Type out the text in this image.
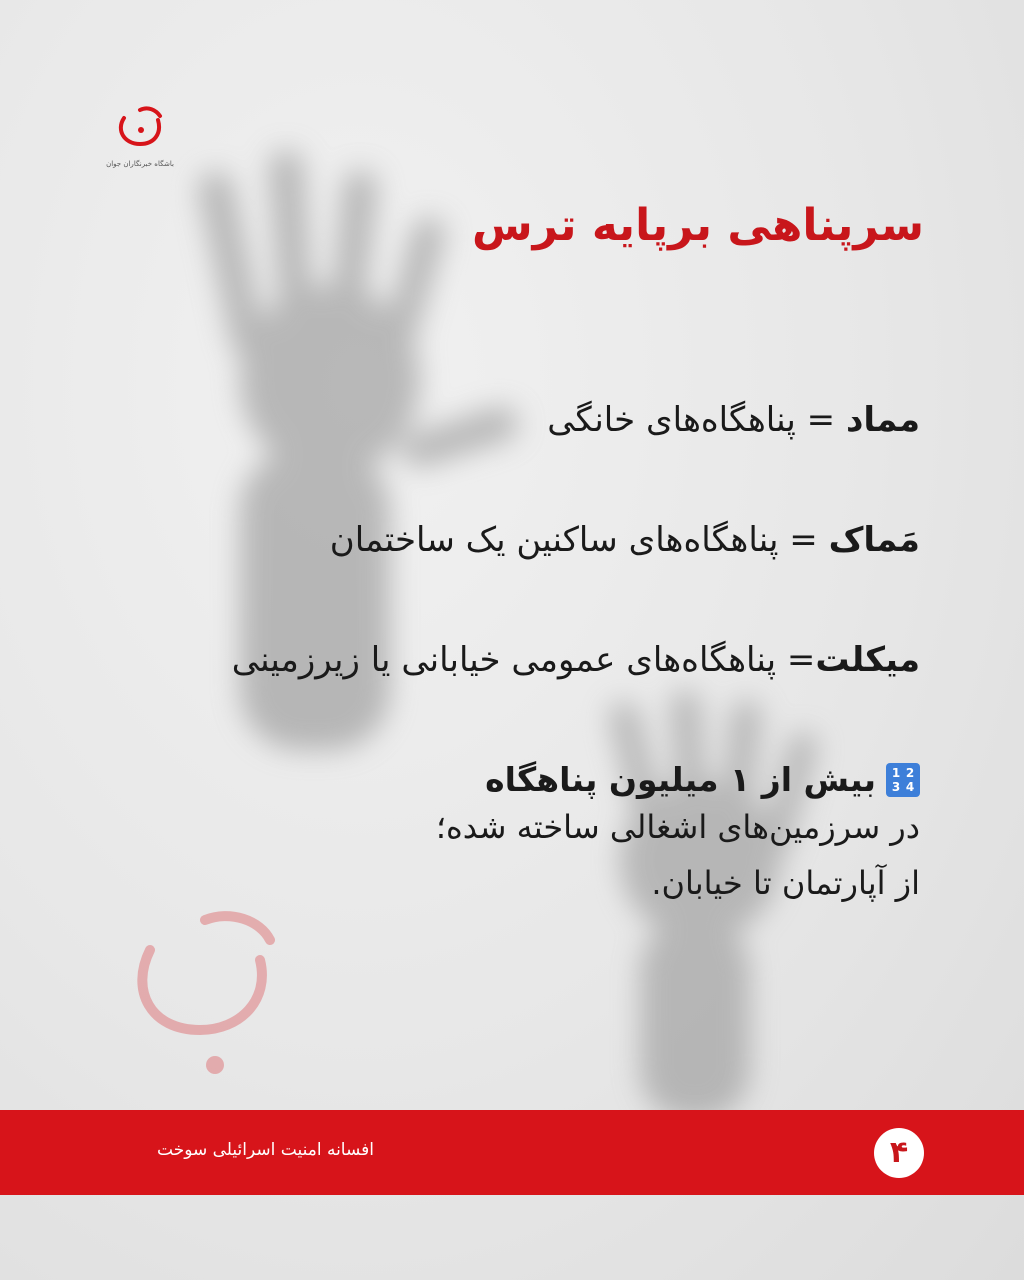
باشگاه خبرنگاران جوان
سرپناهی برپایه ترس
مماد = پناهگاه‌های خانگی
مَماک = پناهگاه‌های ساکنین یک ساختمان
میکلت= پناهگاه‌های عمومی خیابانی یا زیرزمینی
1 2
3 4
بیش از ۱ میلیون پناهگاه
در سرزمین‌های اشغالی ساخته شده؛
از آپارتمان تا خیابان.
افسانه امنیت اسرائیلی سوخت	۴
